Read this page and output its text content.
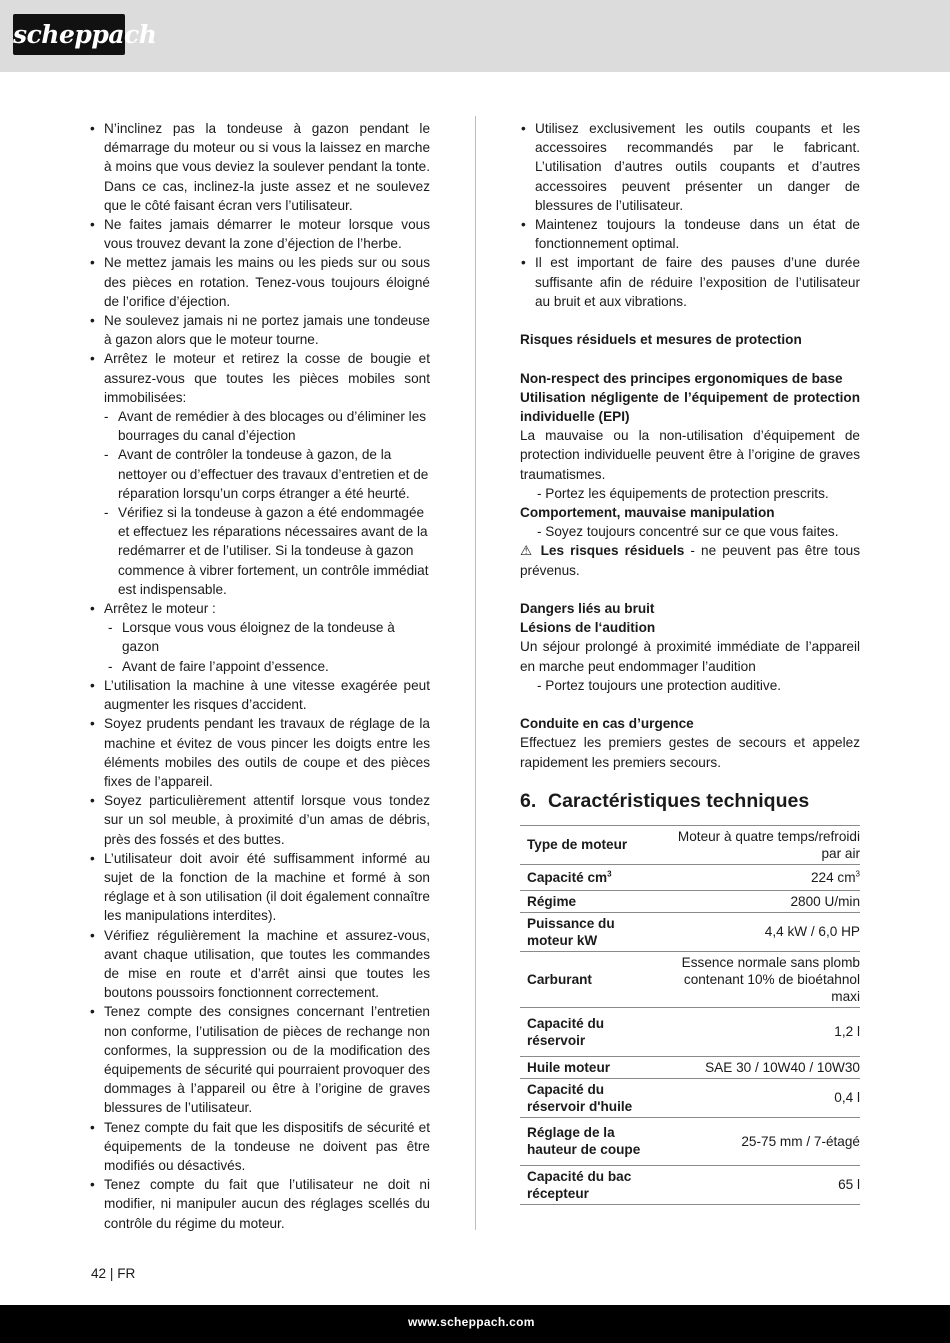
scheppach
• N’inclinez pas la tondeuse à gazon pendant le démarrage du moteur ou si vous la laissez en marche à moins que vous deviez la soulever pendant la tonte. Dans ce cas, inclinez-la juste assez et ne soulevez que le côté faisant écran vers l’utilisateur.
• Ne faites jamais démarrer le moteur lorsque vous vous trouvez devant la zone d’éjection de l’herbe.
• Ne mettez jamais les mains ou les pieds sur ou sous des pièces en rotation. Tenez-vous toujours éloigné de l’orifice d’éjection.
• Ne soulevez jamais ni ne portez jamais une tondeuse à gazon alors que le moteur tourne.
• Arrêtez le moteur et retirez la cosse de bougie et assurez-vous que toutes les pièces mobiles sont immobilisées:
- Avant de remédier à des blocages ou d’éliminer les bourrages du canal d’éjection
- Avant de contrôler la tondeuse à gazon, de la nettoyer ou d’effectuer des travaux d’entretien et de réparation lorsqu’un corps étranger a été heurté.
- Vérifiez si la tondeuse à gazon a été endommagée et effectuez les réparations nécessaires avant de la redémarrer et de l’utiliser. Si la tondeuse à gazon commence à vibrer fortement, un contrôle immédiat est indispensable.
• Arrêtez le moteur :
- Lorsque vous vous éloignez de la tondeuse à gazon
- Avant de faire l’appoint d’essence.
• L’utilisation la machine à une vitesse exagérée peut augmenter les risques d’accident.
• Soyez prudents pendant les travaux de réglage de la machine et évitez de vous pincer les doigts entre les éléments mobiles des outils de coupe et des pièces fixes de l’appareil.
• Soyez particulièrement attentif lorsque vous tondez sur un sol meuble, à proximité d’un amas de débris, près des fossés et des buttes.
• L’utilisateur doit avoir été suffisamment informé au sujet de la fonction de la machine et formé à son réglage et à son utilisation (il doit également connaître les manipulations interdites).
• Vérifiez régulièrement la machine et assurez-vous, avant chaque utilisation, que toutes les commandes de mise en route et d’arrêt ainsi que toutes les boutons poussoirs fonctionnent correctement.
• Tenez compte des consignes concernant l’entretien non conforme, l’utilisation de pièces de rechange non conformes, la suppression ou de la modification des équipements de sécurité qui pourraient provoquer des dommages à l’appareil ou être à l’origine de graves blessures de l’utilisateur.
• Tenez compte du fait que les dispositifs de sécurité et équipements de la tondeuse ne doivent pas être modifiés ou désactivés.
• Tenez compte du fait que l’utilisateur ne doit ni modifier, ni manipuler aucun des réglages scellés du contrôle du régime du moteur.
• Utilisez exclusivement les outils coupants et les accessoires recommandés par le fabricant. L’utilisation d’autres outils coupants et d’autres accessoires peuvent présenter un danger de blessures de l’utilisateur.
• Maintenez toujours la tondeuse dans un état de fonctionnement optimal.
• Il est important de faire des pauses d’une durée suffisante afin de réduire l’exposition de l’utilisateur au bruit et aux vibrations.

Risques résiduels et mesures de protection

Non-respect des principes ergonomiques de base

Utilisation négligente de l’équipement de protection individuelle (EPI)

La mauvaise ou la non-utilisation d’équipement de protection individuelle peuvent être à l’origine de graves traumatismes.

- Portez les équipements de protection prescrits.

Comportement, mauvaise manipulation

- Soyez toujours concentré sur ce que vous faites.

⚠ Les risques résiduels - ne peuvent pas être tous prévenus.

Dangers liés au bruit

Lésions de l‘audition

Un séjour prolongé à proximité immédiate de l’appareil en marche peut endommager l’audition

- Portez toujours une protection auditive.

Conduite en cas d’urgence

Effectuez les premiers gestes de secours et appelez rapidement les premiers secours.

6. Caractéristiques techniques
Type de moteur	Moteur à quatre temps/refroidi par air
Capacité $cm^3$	224 $cm^3$
Régime	2800 U/min
Puissance du moteur kW	4,4 kW / 6,0 HP
Carburant	Essence normale sans plomb contenant 10% de bioétahnol maxi
Capacité du réservoir	1,2 l
Huile moteur	SAE 30 / 10W40 / 10W30
Capacité du réservoir d'huile	0,4 l
Réglage de la hauteur de coupe	25-75 mm / 7-étagé
Capacité du bac récepteur	65 l
42 | FR
www.scheppach.com
